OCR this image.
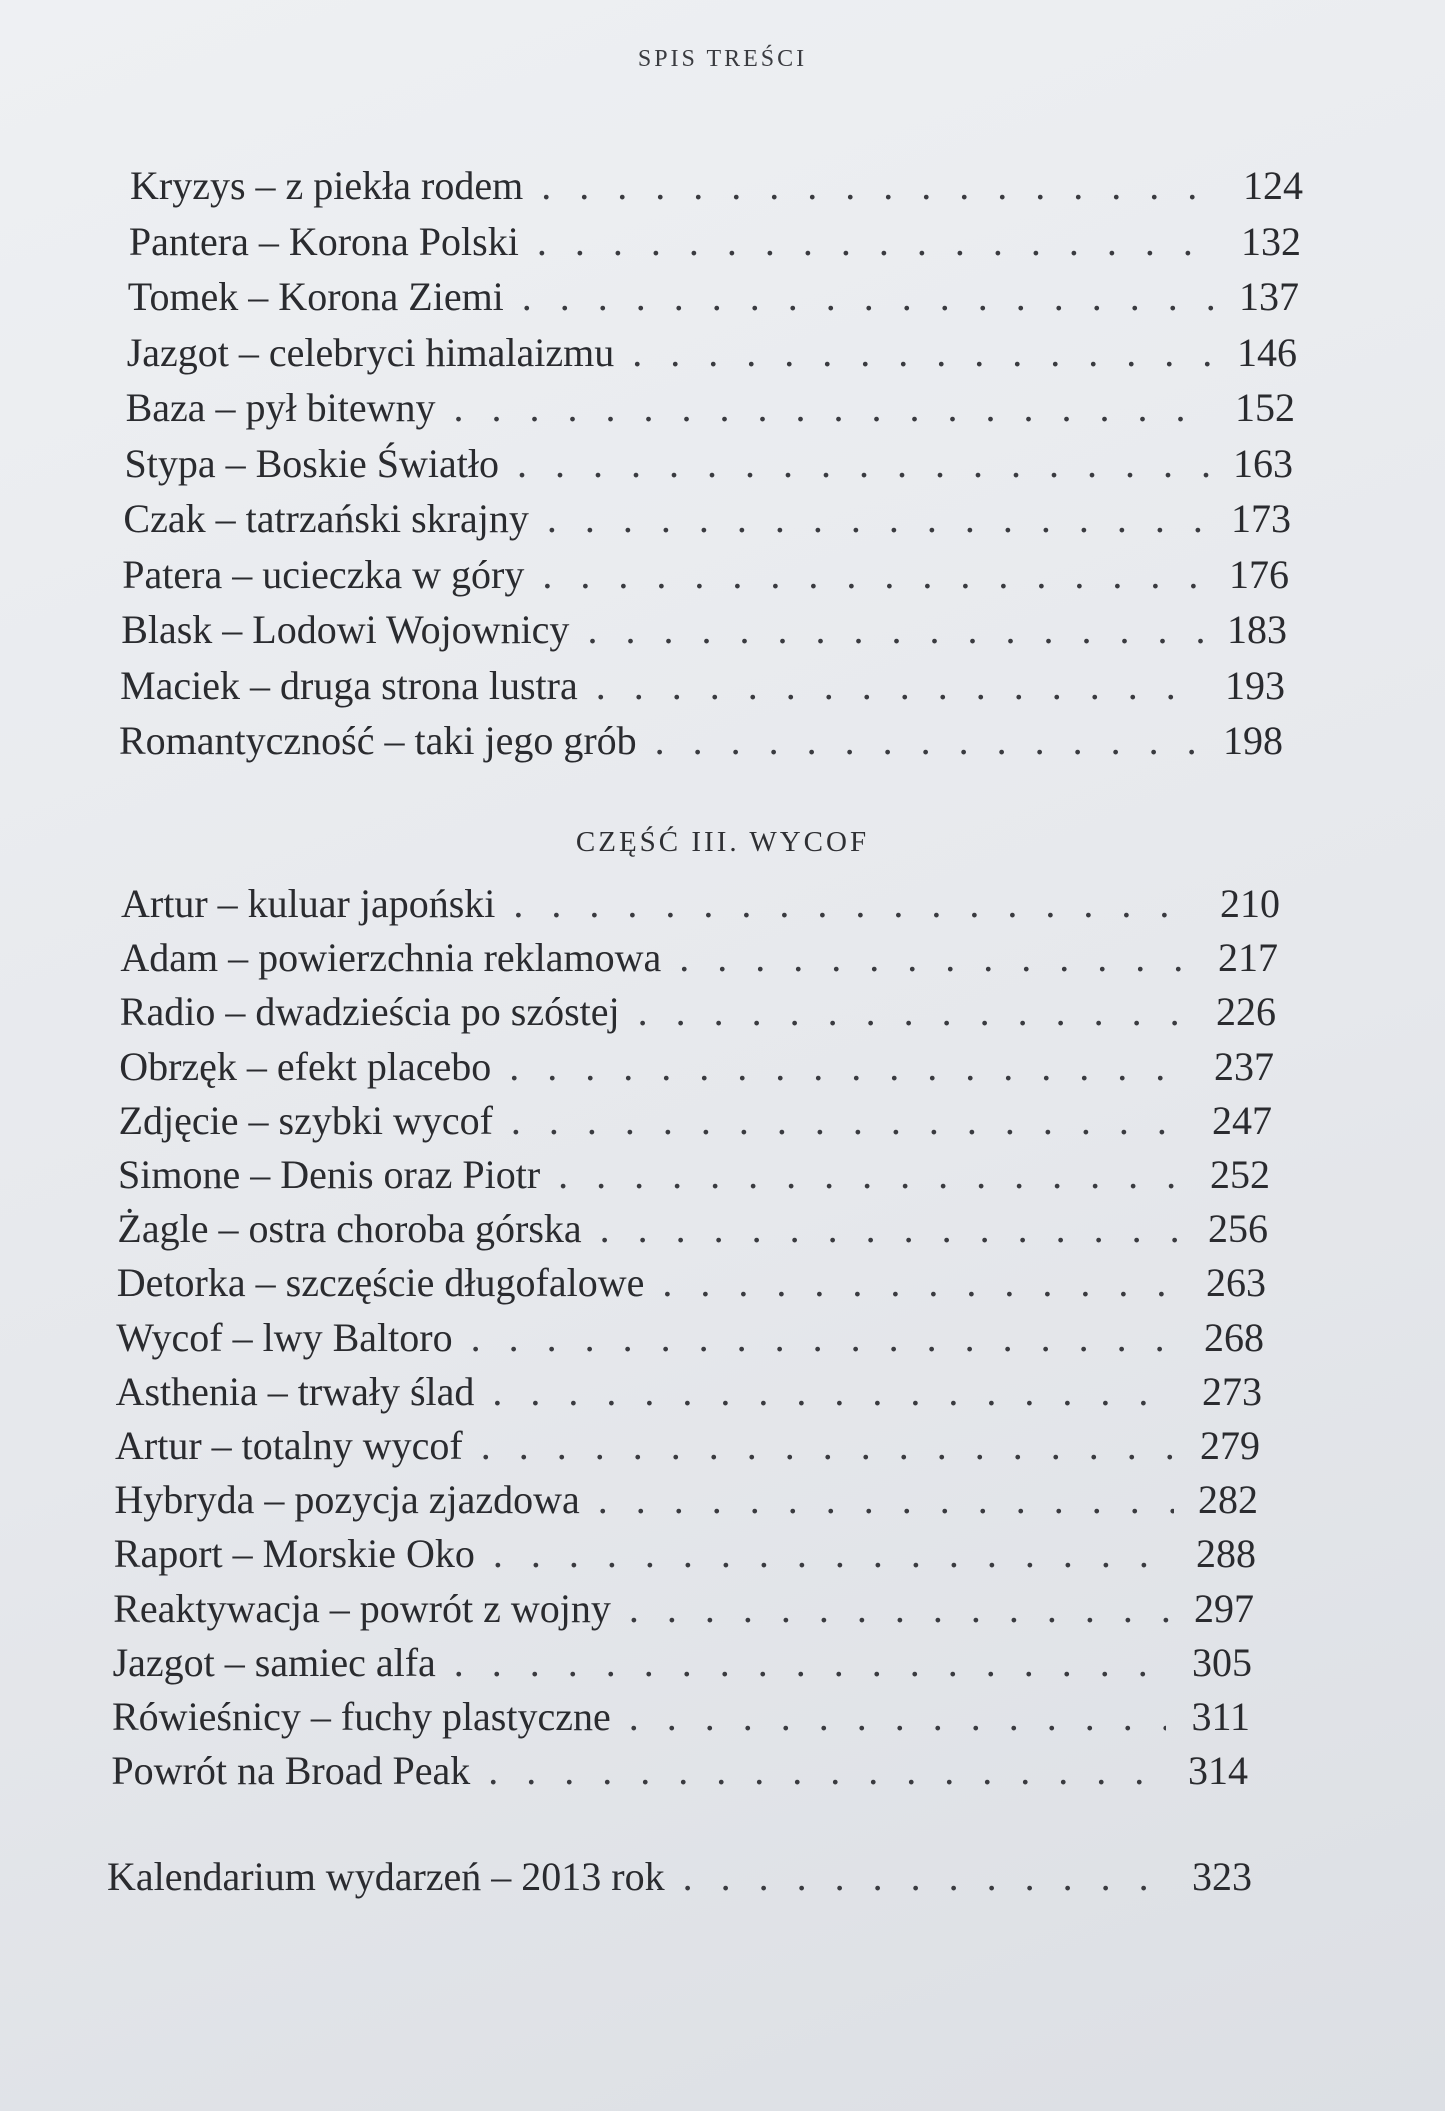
SPIS TREŚCI
Kryzys – z piekła rodem . . .	124
Pantera – Korona Polski . . .	132
Tomek – Korona Ziemi . . .	137
Jazgot – celebryci himalaizmu . . .	146
Baza – pył bitewny . . .	152
Stypa – Boskie Światło . . .	163
Czak – tatrzański skrajny . . .	173
Patera – ucieczka w góry . . .	176
Blask – Lodowi Wojownicy . . .	183
Maciek – druga strona lustra . . .	193
Romantyczność – taki jego grób . . .	198
CZĘŚĆ III. WYCOF
Artur – kuluar japoński . . .	210
Adam – powierzchnia reklamowa . . .	217
Radio – dwadzieścia po szóstej . . .	226
Obrzęk – efekt placebo . . .	237
Zdjęcie – szybki wycof . . .	247
Simone – Denis oraz Piotr . . .	252
Żagle – ostra choroba górska . . .	256
Detorka – szczęście długofalowe . . .	263
Wycof – lwy Baltoro . . .	268
Asthenia – trwały ślad . . .	273
Artur – totalny wycof . . .	279
Hybryda – pozycja zjazdowa . . .	282
Raport – Morskie Oko . . .	288
Reaktywacja – powrót z wojny . . .	297
Jazgot – samiec alfa . . .	305
Rówieśnicy – fuchy plastyczne . . .	311
Powrót na Broad Peak . . .	314
Kalendarium wydarzeń – 2013 rok . . .	323
